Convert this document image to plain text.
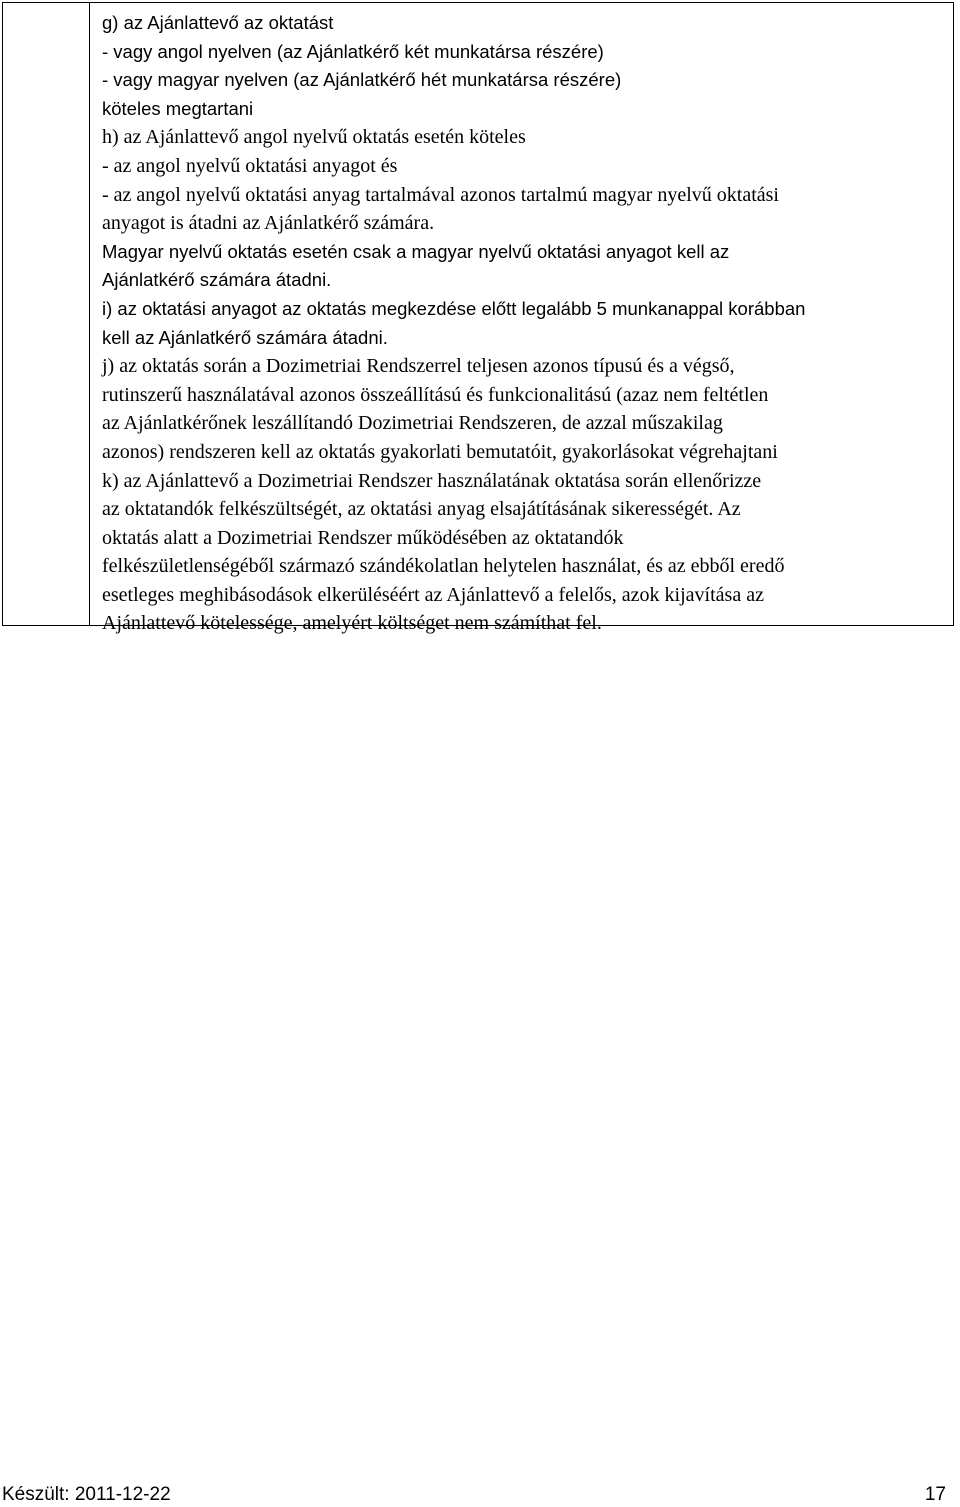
g) az Ajánlattevő az oktatást
- vagy angol nyelven (az Ajánlatkérő két munkatársa részére)
- vagy magyar nyelven (az Ajánlatkérő hét munkatársa részére)
köteles megtartani
h) az Ajánlattevő angol nyelvű oktatás esetén köteles
- az angol nyelvű oktatási anyagot és
- az angol nyelvű oktatási anyag tartalmával azonos tartalmú magyar nyelvű oktatási
anyagot is átadni az Ajánlatkérő számára.
Magyar nyelvű oktatás esetén csak a magyar nyelvű oktatási anyagot kell az
Ajánlatkérő számára átadni.
i) az oktatási anyagot az oktatás megkezdése előtt legalább 5 munkanappal korábban
kell az Ajánlatkérő számára átadni.
j) az oktatás során a Dozimetriai Rendszerrel teljesen azonos típusú és a végső,
rutinszerű használatával azonos összeállítású és funkcionalitású (azaz nem feltétlen
az Ajánlatkérőnek leszállítandó Dozimetriai Rendszeren, de azzal műszakilag
azonos) rendszeren kell az oktatás gyakorlati bemutatóit, gyakorlásokat végrehajtani
k) az Ajánlattevő a Dozimetriai Rendszer használatának oktatása során ellenőrizze
az oktatandók felkészültségét, az oktatási anyag elsajátításának sikerességét. Az
oktatás alatt a Dozimetriai Rendszer működésében az oktatandók
felkészületlenségéből származó szándékolatlan helytelen használat, és az ebből eredő
esetleges meghibásodások elkerüléséért az Ajánlattevő a felelős, azok kijavítása az
Ajánlattevő kötelessége, amelyért költséget nem számíthat fel.
Készült: 2011-12-22	17
